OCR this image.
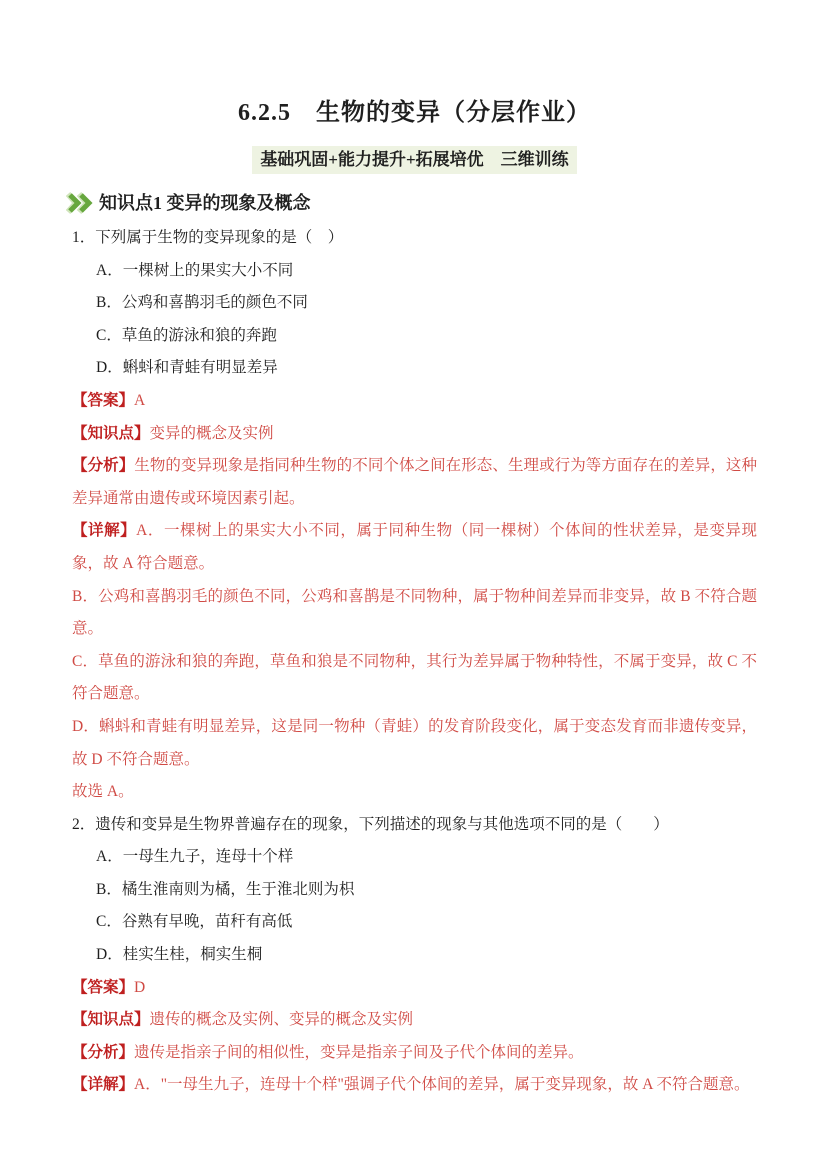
6.2.5　生物的变异（分层作业）
基础巩固+能力提升+拓展培优　三维训练
知识点1 变异的现象及概念

1．下列属于生物的变异现象的是（　）

A．一棵树上的果实大小不同

B．公鸡和喜鹊羽毛的颜色不同

C．草鱼的游泳和狼的奔跑

D．蝌蚪和青蛙有明显差异

【答案】A

【知识点】变异的概念及实例

【分析】生物的变异现象是指同种生物的不同个体之间在形态、生理或行为等方面存在的差异，这种差异通常由遗传或环境因素引起。

【详解】A．一棵树上的果实大小不同，属于同种生物（同一棵树）个体间的性状差异，是变异现象，故 A 符合题意。

B．公鸡和喜鹊羽毛的颜色不同，公鸡和喜鹊是不同物种，属于物种间差异而非变异，故 B 不符合题意。

C．草鱼的游泳和狼的奔跑，草鱼和狼是不同物种，其行为差异属于物种特性，不属于变异，故 C 不符合题意。

D．蝌蚪和青蛙有明显差异，这是同一物种（青蛙）的发育阶段变化，属于变态发育而非遗传变异，故 D 不符合题意。

故选 A。

2．遗传和变异是生物界普遍存在的现象，下列描述的现象与其他选项不同的是（　　）

A．一母生九子，连母十个样

B．橘生淮南则为橘，生于淮北则为枳

C．谷熟有早晚，苗秆有高低

D．桂实生桂，桐实生桐

【答案】D

【知识点】遗传的概念及实例、变异的概念及实例

【分析】遗传是指亲子间的相似性，变异是指亲子间及子代个体间的差异。

【详解】A．"一母生九子，连母十个样"强调子代个体间的差异，属于变异现象，故 A 不符合题意。
